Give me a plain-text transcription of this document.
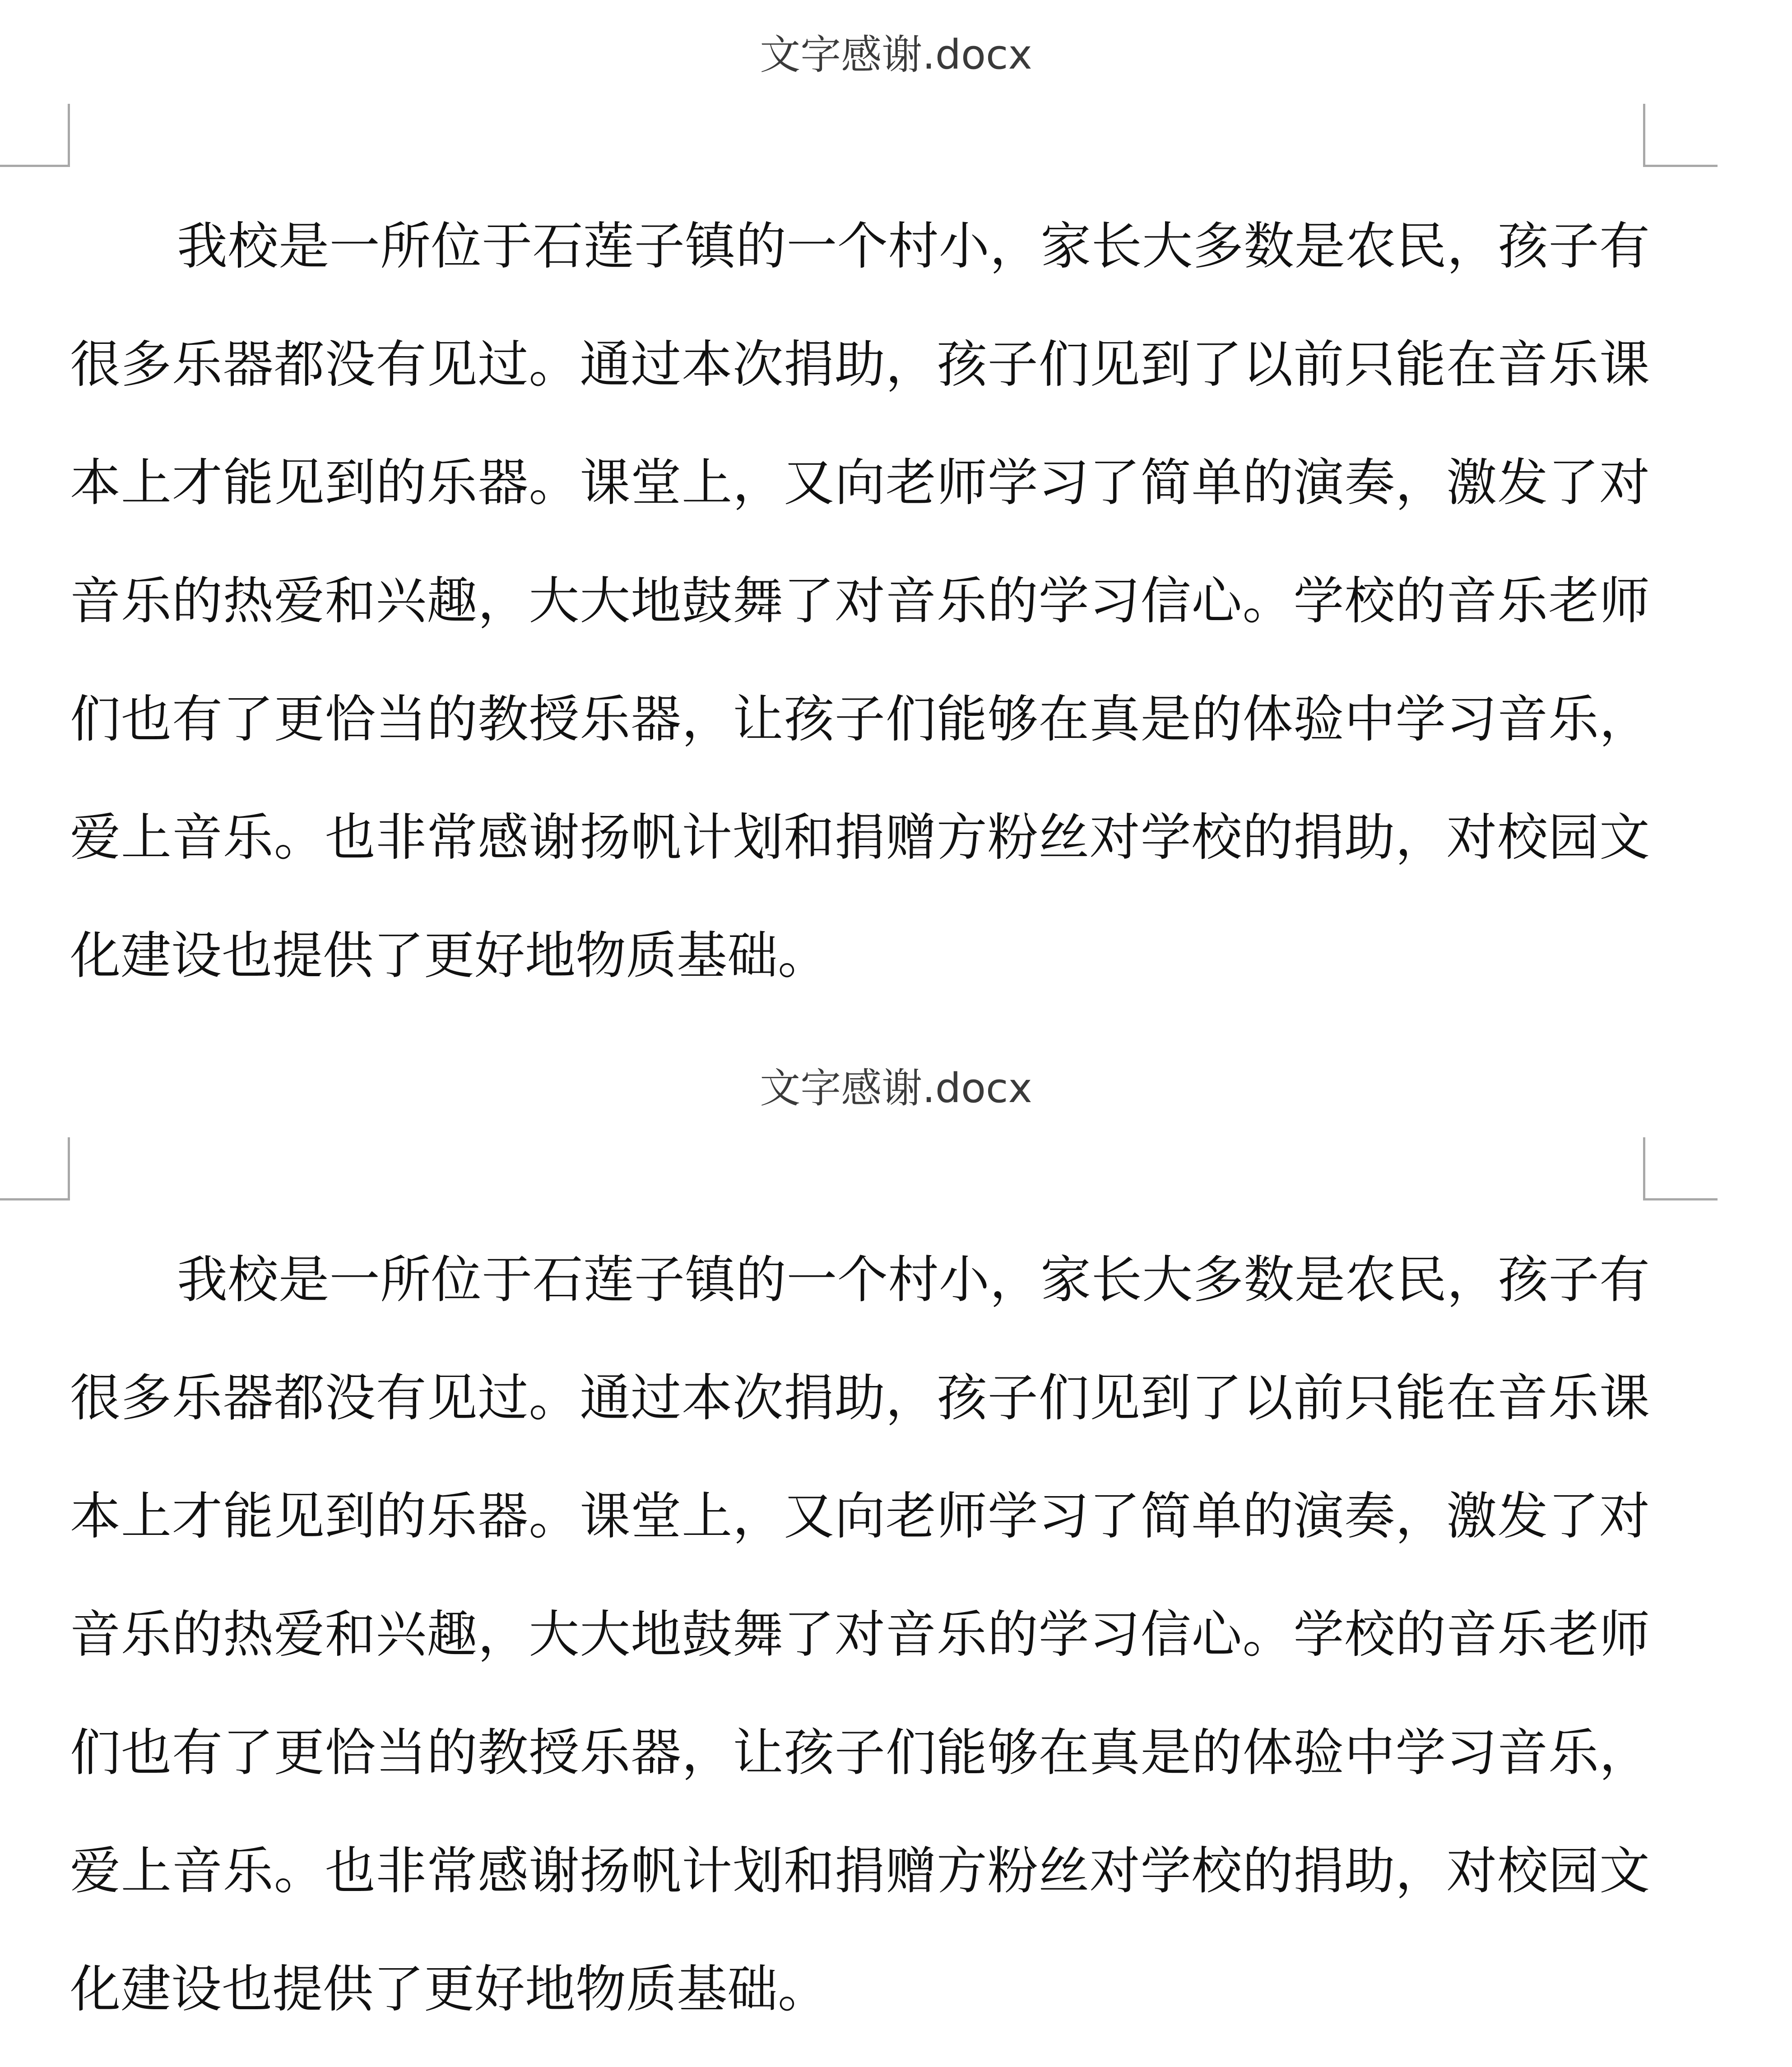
文字感谢.docx

我校是一所位于石莲子镇的一个村小，家长大多数是农民，孩子有很多乐器都没有见过。通过本次捐助，孩子们见到了以前只能在音乐课本上才能见到的乐器。课堂上，又向老师学习了简单的演奏，激发了对音乐的热爱和兴趣，大大地鼓舞了对音乐的学习信心。学校的音乐老师们也有了更恰当的教授乐器，让孩子们能够在真是的体验中学习音乐，爱上音乐。也非常感谢扬帆计划和捐赠方粉丝对学校的捐助，对校园文化建设也提供了更好地物质基础。

文字感谢.docx

我校是一所位于石莲子镇的一个村小，家长大多数是农民，孩子有很多乐器都没有见过。通过本次捐助，孩子们见到了以前只能在音乐课本上才能见到的乐器。课堂上，又向老师学习了简单的演奏，激发了对音乐的热爱和兴趣，大大地鼓舞了对音乐的学习信心。学校的音乐老师们也有了更恰当的教授乐器，让孩子们能够在真是的体验中学习音乐，爱上音乐。也非常感谢扬帆计划和捐赠方粉丝对学校的捐助，对校园文化建设也提供了更好地物质基础。
